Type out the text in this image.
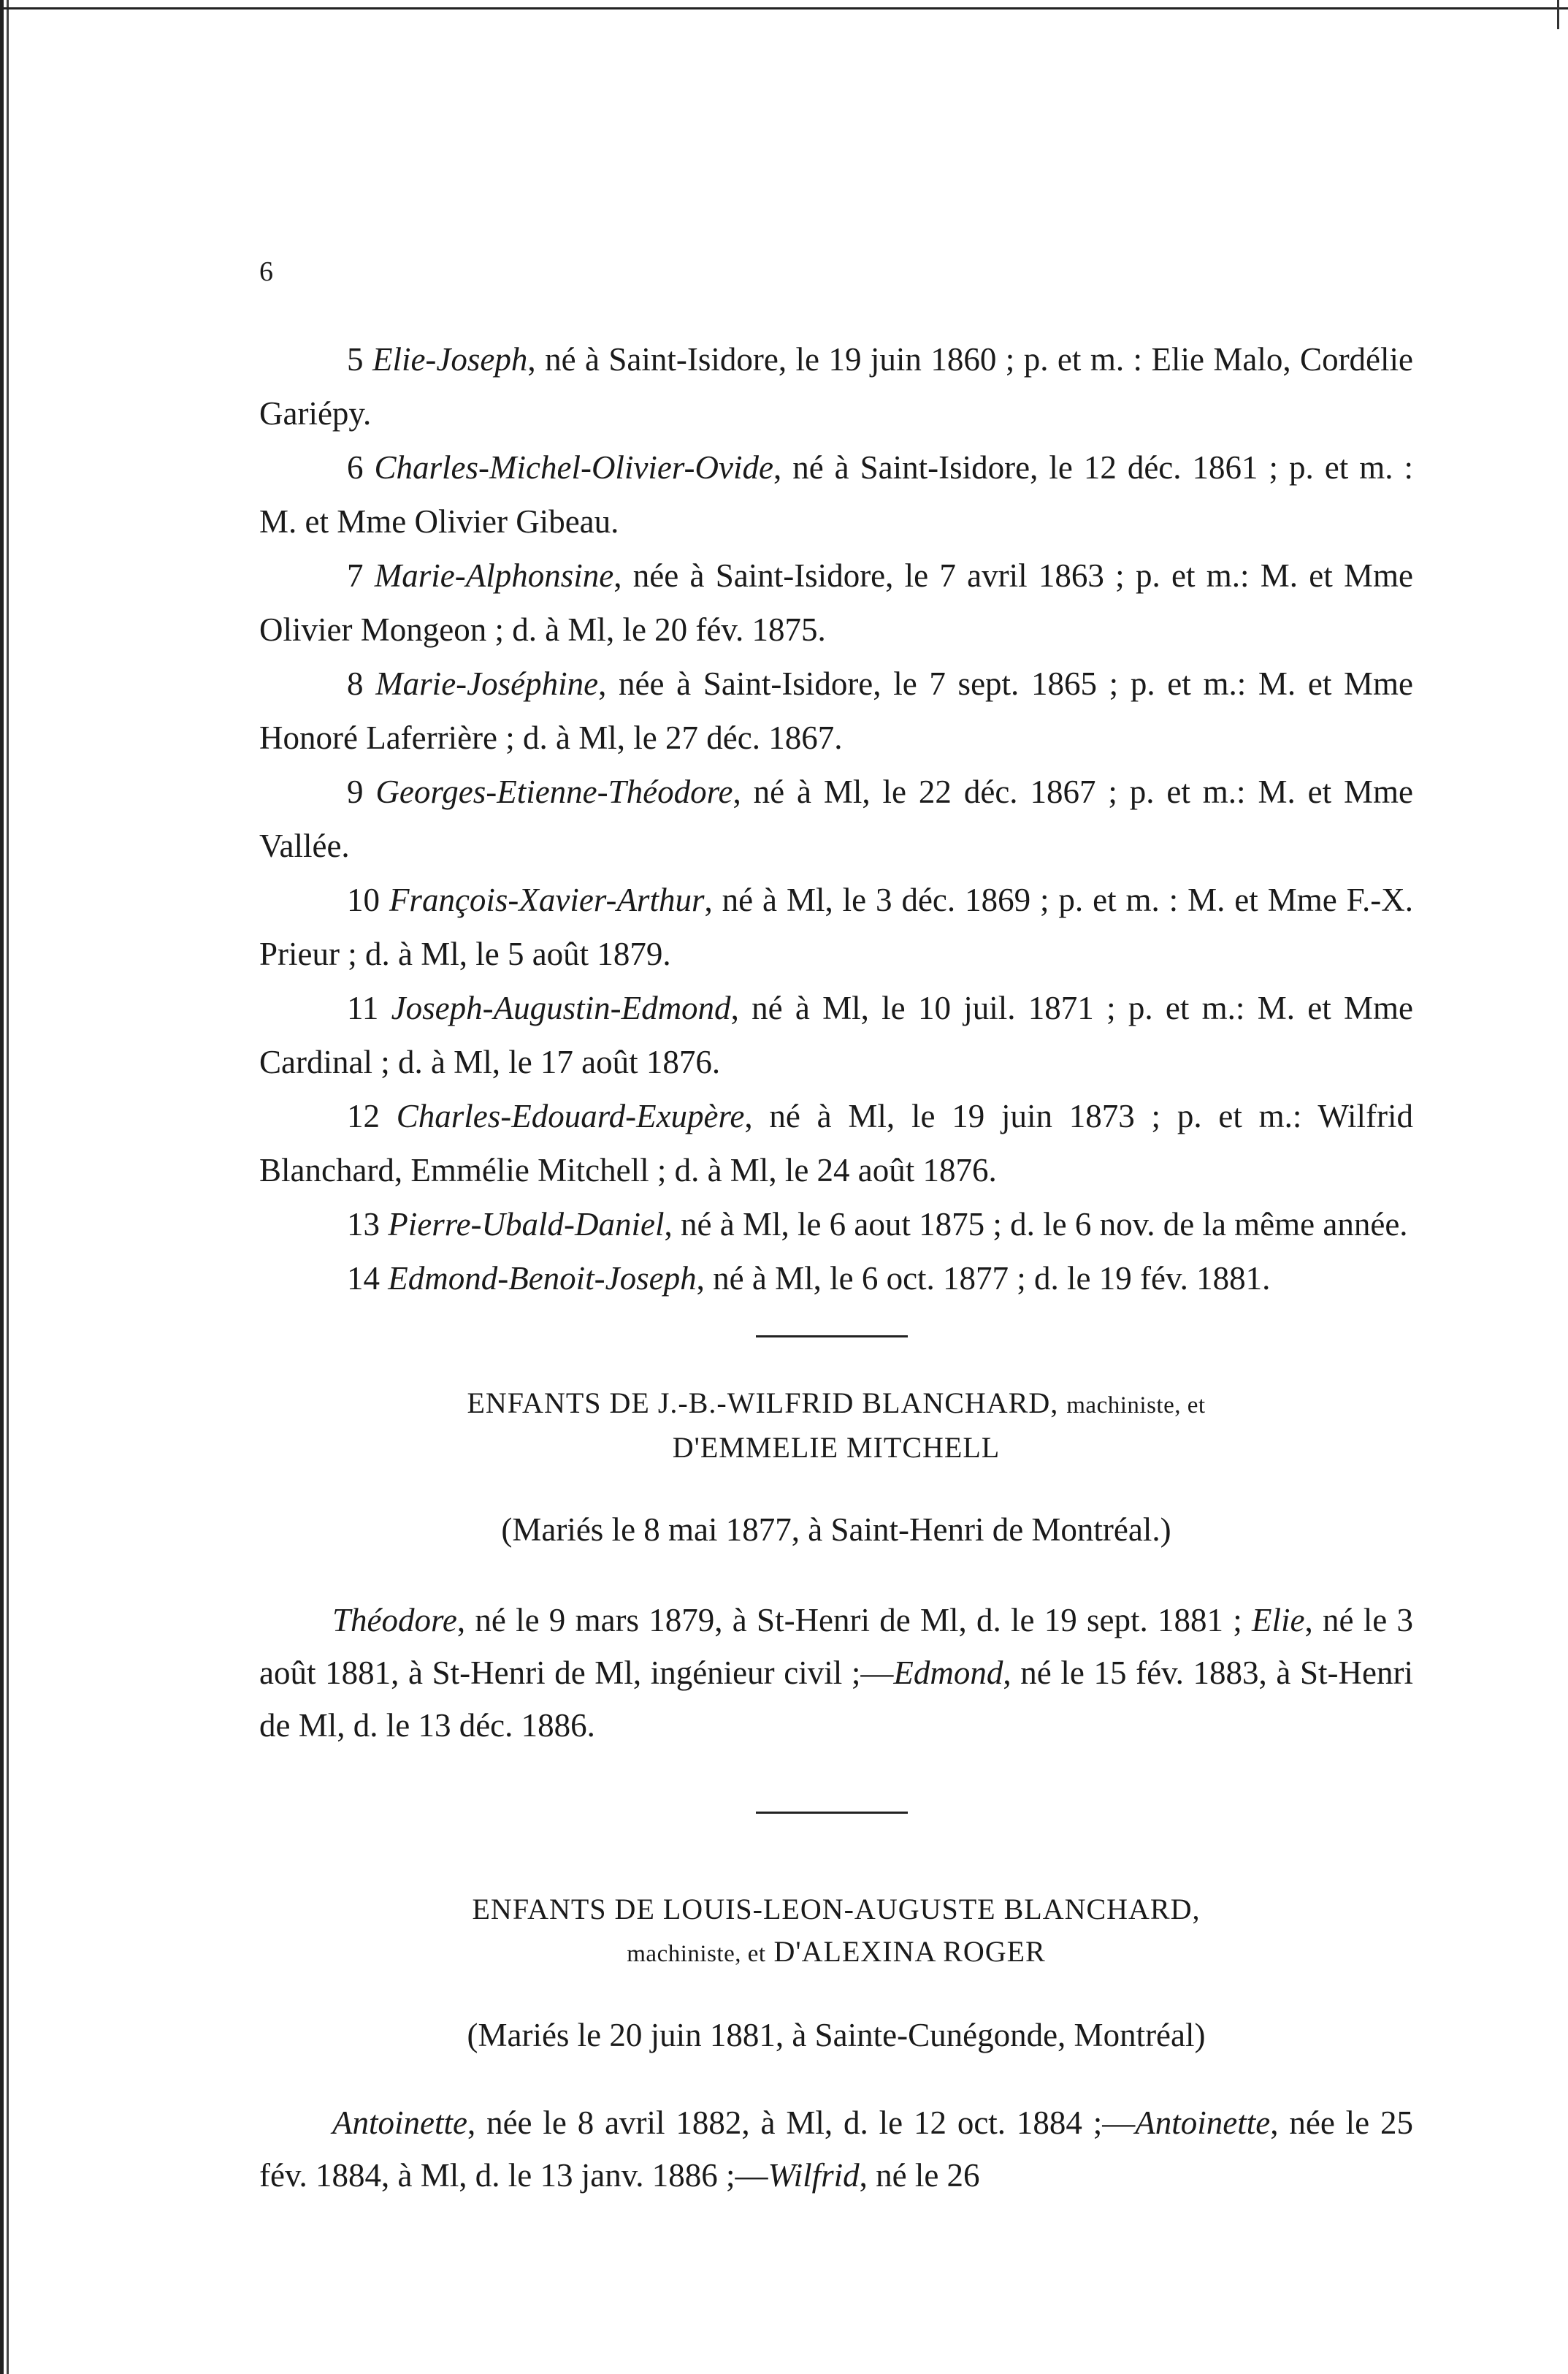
6

5 Elie-Joseph, né à Saint-Isidore, le 19 juin 1860 ; p. et m. : Elie Malo, Cordélie Gariépy.

6 Charles-Michel-Olivier-Ovide, né à Saint-Isidore, le 12 déc. 1861 ; p. et m. : M. et Mme Olivier Gibeau.

7 Marie-Alphonsine, née à Saint-Isidore, le 7 avril 1863 ; p. et m.: M. et Mme Olivier Mongeon ; d. à Ml, le 20 fév. 1875.

8 Marie-Joséphine, née à Saint-Isidore, le 7 sept. 1865 ; p. et m.: M. et Mme Honoré Laferrière ; d. à Ml, le 27 déc. 1867.

9 Georges-Etienne-Théodore, né à Ml, le 22 déc. 1867 ; p. et m.: M. et Mme Vallée.

10 François-Xavier-Arthur, né à Ml, le 3 déc. 1869 ; p. et m. : M. et Mme F.-X. Prieur ; d. à Ml, le 5 août 1879.

11 Joseph-Augustin-Edmond, né à Ml, le 10 juil. 1871 ; p. et m.: M. et Mme Cardinal ; d. à Ml, le 17 août 1876.

12 Charles-Edouard-Exupère, né à Ml, le 19 juin 1873 ; p. et m.: Wilfrid Blanchard, Emmélie Mitchell ; d. à Ml, le 24 août 1876.

13 Pierre-Ubald-Daniel, né à Ml, le 6 aout 1875 ; d. le 6 nov. de la même année.

14 Edmond-Benoit-Joseph, né à Ml, le 6 oct. 1877 ; d. le 19 fév. 1881.

ENFANTS DE J.-B.-WILFRID BLANCHARD, machiniste, et
D'EMMELIE MITCHELL

(Mariés le 8 mai 1877, à Saint-Henri de Montréal.)

Théodore, né le 9 mars 1879, à St-Henri de Ml, d. le 19 sept. 1881 ; Elie, né le 3 août 1881, à St-Henri de Ml, ingénieur civil ;—Edmond, né le 15 fév. 1883, à St-Henri de Ml, d. le 13 déc. 1886.

ENFANTS DE LOUIS-LEON-AUGUSTE BLANCHARD,
machiniste, et D'ALEXINA ROGER

(Mariés le 20 juin 1881, à Sainte-Cunégonde, Montréal)

Antoinette, née le 8 avril 1882, à Ml, d. le 12 oct. 1884 ;—Antoinette, née le 25 fév. 1884, à Ml, d. le 13 janv. 1886 ;—Wilfrid, né le 26
